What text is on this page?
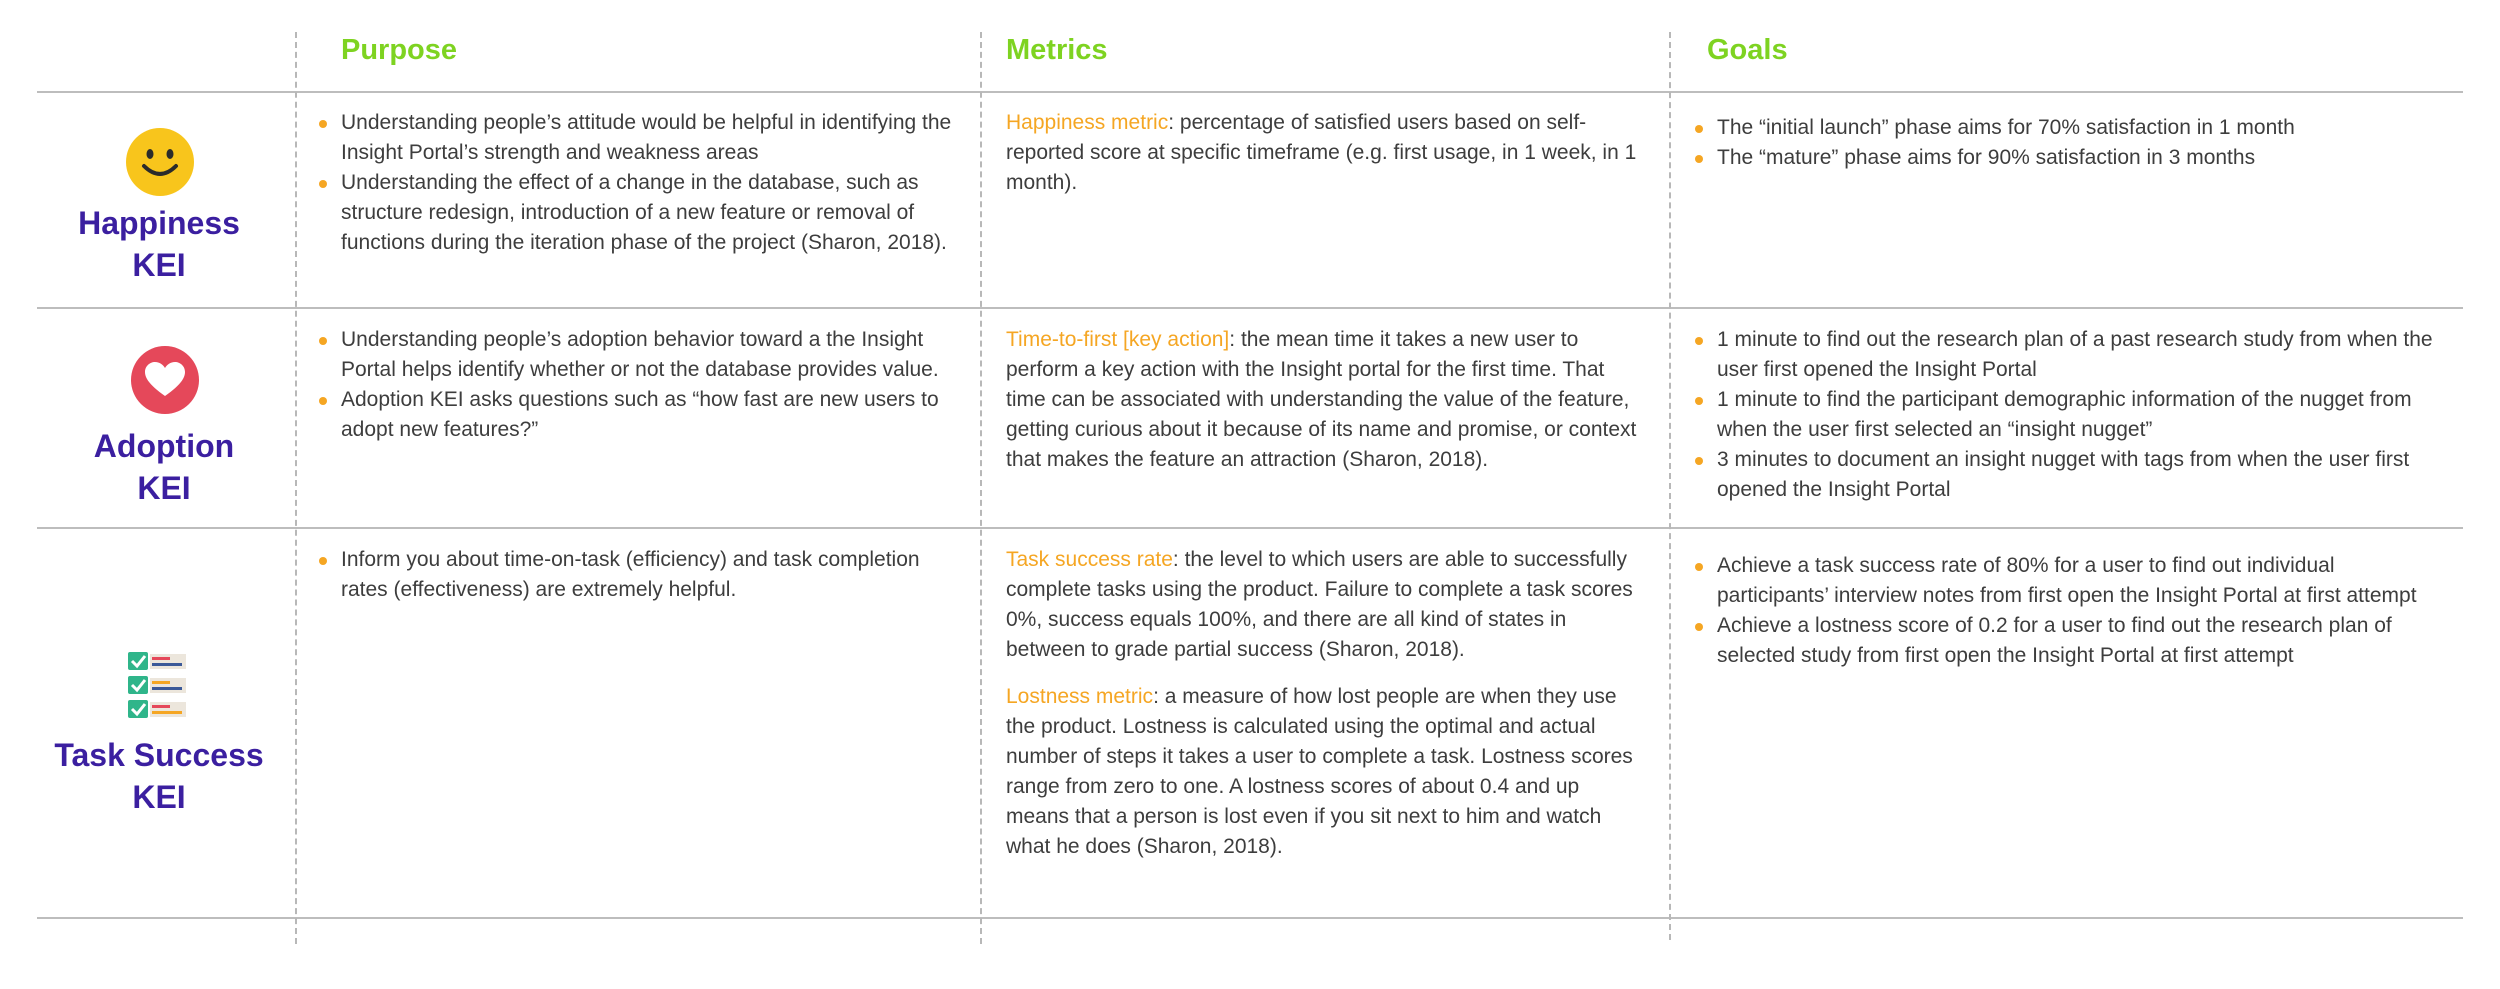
Purpose	Metrics	Goals
Happiness
KEI
Understanding people’s attitude would be helpful in identifying the Insight Portal’s strength and weakness areas
Understanding the effect of a change in the database, such as structure redesign, introduction of a new feature or removal of functions during the iteration phase of the project (Sharon, 2018).

Happiness metric: percentage of satisfied users based on self-reported score at specific timeframe (e.g. first usage, in 1 week, in 1 month).

The “initial launch” phase aims for 70% satisfaction in 1 month
The “mature” phase aims for 90% satisfaction in 3 months
Adoption
KEI
Understanding people’s adoption behavior toward a the Insight Portal helps identify whether or not the database provides value.
Adoption KEI asks questions such as “how fast are new users to adopt new features?”

Time-to-first [key action]: the mean time it takes a new user to perform a key action with the Insight portal for the first time. That time can be associated with understanding the value of the feature, getting curious about it because of its name and promise, or context that makes the feature an attraction (Sharon, 2018).

1 minute to find out the research plan of a past research study from when the user first opened the Insight Portal
1 minute to find the participant demographic information of the nugget from when the user first selected an “insight nugget”
3 minutes to document an insight nugget with tags from when the user first opened the Insight Portal
Task Success
KEI
Inform you about time-on-task (efficiency) and task completion rates (effectiveness) are extremely helpful.

Task success rate: the level to which users are able to successfully complete tasks using the product. Failure to complete a task scores 0%, success equals 100%, and there are all kind of states in between to grade partial success (Sharon, 2018).

Lostness metric: a measure of how lost people are when they use the product. Lostness is calculated using the optimal and actual number of steps it takes a user to complete a task. Lostness scores range from zero to one. A lostness scores of about 0.4 and up means that a person is lost even if you sit next to him and watch what he does (Sharon, 2018).

Achieve a task success rate of 80% for a user to find out individual participants’ interview notes from first open the Insight Portal at first attempt
Achieve a lostness score of 0.2 for a user to find out the research plan of selected study from first open the Insight Portal at first attempt
